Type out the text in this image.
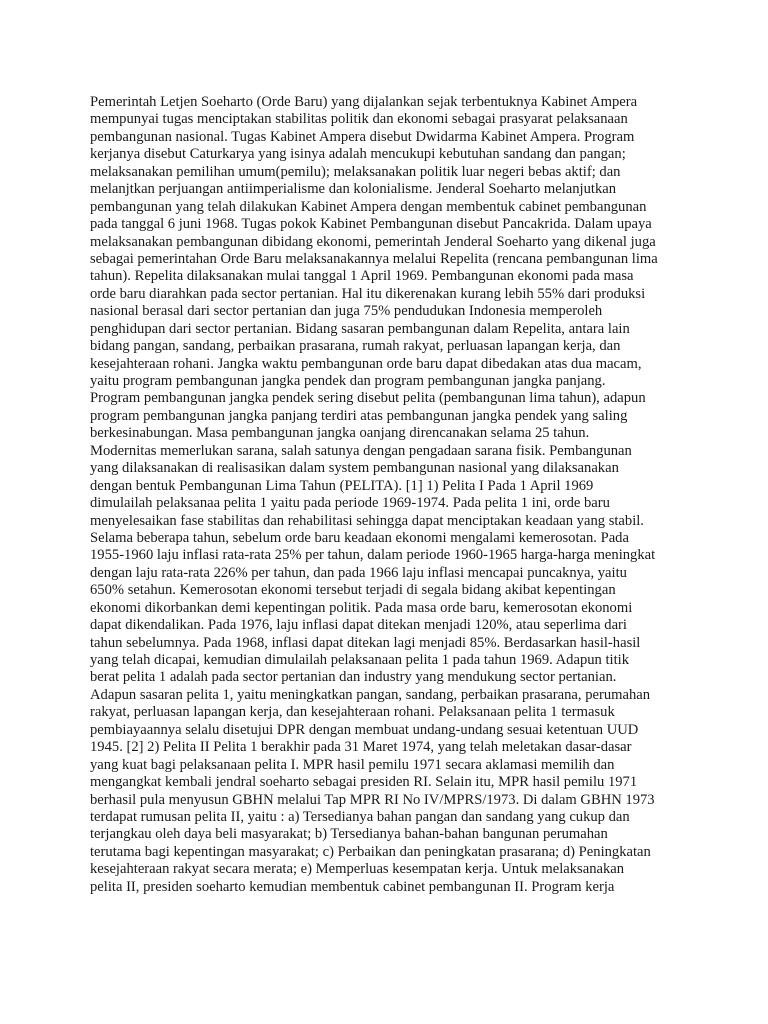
Pemerintah Letjen Soeharto (Orde Baru) yang dijalankan sejak terbentuknya Kabinet Ampera
mempunyai tugas menciptakan stabilitas politik dan ekonomi sebagai prasyarat pelaksanaan
pembangunan nasional. Tugas Kabinet Ampera disebut Dwidarma Kabinet Ampera. Program
kerjanya disebut Caturkarya yang isinya adalah mencukupi kebutuhan sandang dan pangan;
melaksanakan pemilihan umum(pemilu); melaksanakan politik luar negeri bebas aktif; dan
melanjtkan perjuangan antiimperialisme dan kolonialisme. Jenderal Soeharto melanjutkan
pembangunan yang telah dilakukan Kabinet Ampera dengan membentuk cabinet pembangunan
pada tanggal 6 juni 1968. Tugas pokok Kabinet Pembangunan disebut Pancakrida. Dalam upaya
melaksanakan pembangunan dibidang ekonomi, pemerintah Jenderal Soeharto yang dikenal juga
sebagai pemerintahan Orde Baru melaksanakannya melalui Repelita (rencana pembangunan lima
tahun). Repelita dilaksanakan mulai tanggal 1 April 1969. Pembangunan ekonomi pada masa
orde baru diarahkan pada sector pertanian. Hal itu dikerenakan kurang lebih 55% dari produksi
nasional berasal dari sector pertanian dan juga 75% pendudukan Indonesia memperoleh
penghidupan dari sector pertanian. Bidang sasaran pembangunan dalam Repelita, antara lain
bidang pangan, sandang, perbaikan prasarana, rumah rakyat, perluasan lapangan kerja, dan
kesejahteraan rohani. Jangka waktu pembangunan orde baru dapat dibedakan atas dua macam,
yaitu program pembangunan jangka pendek dan program pembangunan jangka panjang.
Program pembangunan jangka pendek sering disebut pelita (pembangunan lima tahun), adapun
program pembangunan jangka panjang terdiri atas pembangunan jangka pendek yang saling
berkesinabungan. Masa pembangunan jangka oanjang direncanakan selama 25 tahun.
Modernitas memerlukan sarana, salah satunya dengan pengadaan sarana fisik. Pembangunan
yang dilaksanakan di realisasikan dalam system pembangunan nasional yang dilaksanakan
dengan bentuk Pembangunan Lima Tahun (PELITA). [1] 1) Pelita I Pada 1 April 1969
dimulailah pelaksanaa pelita 1 yaitu pada periode 1969-1974. Pada pelita 1 ini, orde baru
menyelesaikan fase stabilitas dan rehabilitasi sehingga dapat menciptakan keadaan yang stabil.
Selama beberapa tahun, sebelum orde baru keadaan ekonomi mengalami kemerosotan. Pada
1955-1960 laju inflasi rata-rata 25% per tahun, dalam periode 1960-1965 harga-harga meningkat
dengan laju rata-rata 226% per tahun, dan pada 1966 laju inflasi mencapai puncaknya, yaitu
650% setahun. Kemerosotan ekonomi tersebut terjadi di segala bidang akibat kepentingan
ekonomi dikorbankan demi kepentingan politik. Pada masa orde baru, kemerosotan ekonomi
dapat dikendalikan. Pada 1976, laju inflasi dapat ditekan menjadi 120%, atau seperlima dari
tahun sebelumnya. Pada 1968, inflasi dapat ditekan lagi menjadi 85%. Berdasarkan hasil-hasil
yang telah dicapai, kemudian dimulailah pelaksanaan pelita 1 pada tahun 1969. Adapun titik
berat pelita 1 adalah pada sector pertanian dan industry yang mendukung sector pertanian.
Adapun sasaran pelita 1, yaitu meningkatkan pangan, sandang, perbaikan prasarana, perumahan
rakyat, perluasan lapangan kerja, dan kesejahteraan rohani. Pelaksanaan pelita 1 termasuk
pembiayaannya selalu disetujui DPR dengan membuat undang-undang sesuai ketentuan UUD
1945. [2] 2) Pelita II Pelita 1 berakhir pada 31 Maret 1974, yang telah meletakan dasar-dasar
yang kuat bagi pelaksanaan pelita I. MPR hasil pemilu 1971 secara aklamasi memilih dan
mengangkat kembali jendral soeharto sebagai presiden RI. Selain itu, MPR hasil pemilu 1971
berhasil pula menyusun GBHN melalui Tap MPR RI No IV/MPRS/1973. Di dalam GBHN 1973
terdapat rumusan pelita II, yaitu : a) Tersedianya bahan pangan dan sandang yang cukup dan
terjangkau oleh daya beli masyarakat; b) Tersedianya bahan-bahan bangunan perumahan
terutama bagi kepentingan masyarakat; c) Perbaikan dan peningkatan prasarana; d) Peningkatan
kesejahteraan rakyat secara merata; e) Memperluas kesempatan kerja. Untuk melaksanakan
pelita II, presiden soeharto kemudian membentuk cabinet pembangunan II. Program kerja
